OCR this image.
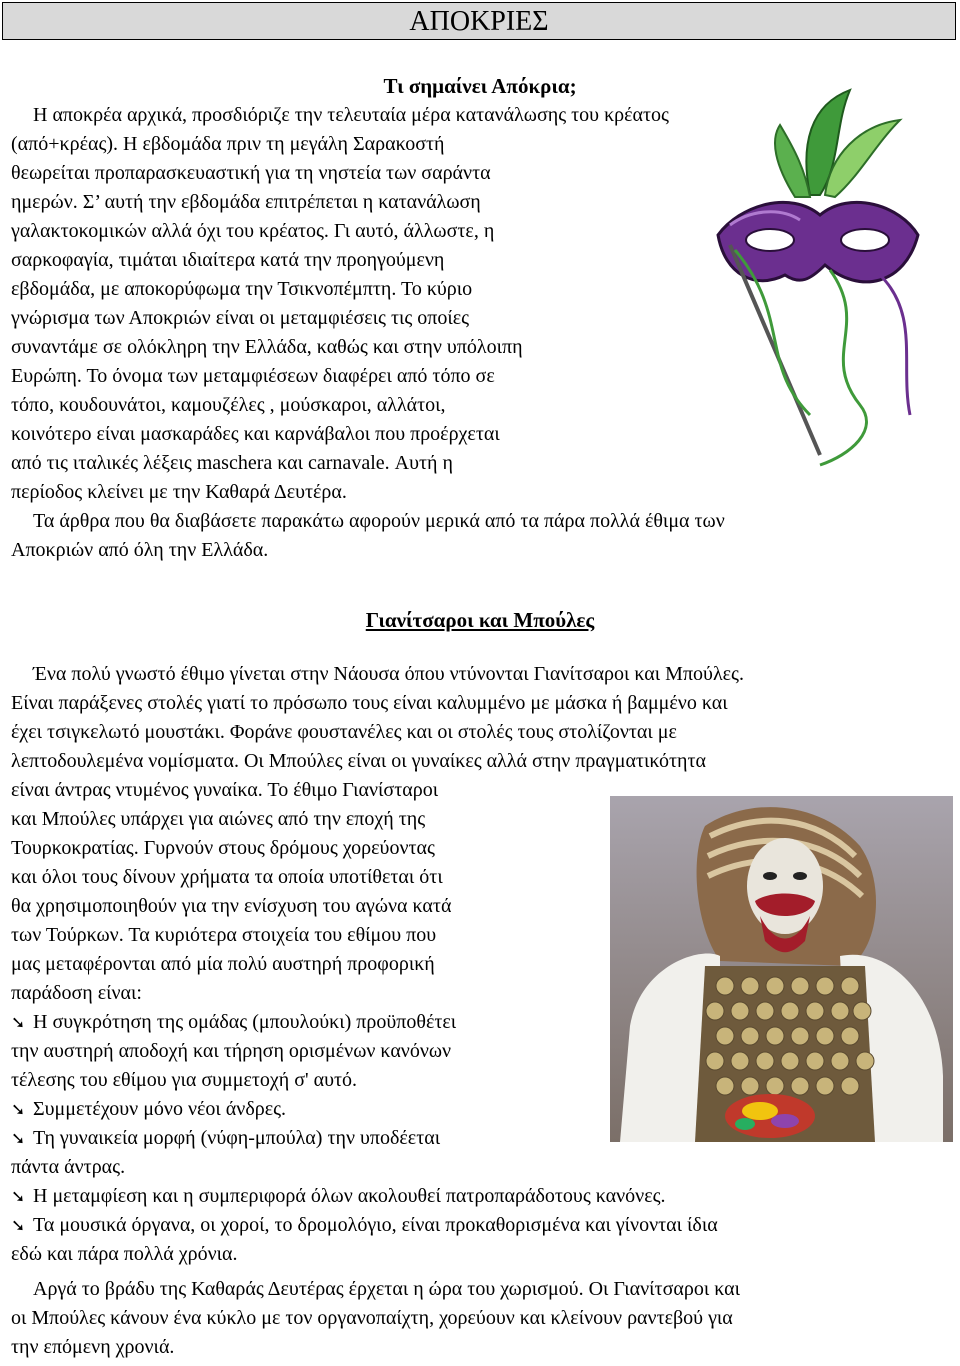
ΑΠΟΚΡΙΕΣ
Τι σημαίνει Απόκρια;
Η αποκρέα αρχικά, προσδιόριζε την τελευταία μέρα κατανάλωσης του κρέατος
(από+κρέας). Η εβδομάδα πριν τη μεγάλη Σαρακοστή
θεωρείται προπαρασκευαστική για τη νηστεία των σαράντα
ημερών. Σ’ αυτή την εβδομάδα επιτρέπεται η κατανάλωση
γαλακτοκομικών αλλά όχι του κρέατος. Γι αυτό, άλλωστε, η
σαρκοφαγία, τιμάται ιδιαίτερα κατά την προηγούμενη
εβδομάδα, με αποκορύφωμα την Τσικνοπέμπτη. Το κύριο
γνώρισμα των Αποκριών είναι οι μεταμφιέσεις τις οποίες
συναντάμε σε ολόκληρη την Ελλάδα, καθώς και στην υπόλοιπη
Ευρώπη. Το όνομα των μεταμφιέσεων διαφέρει από τόπο σε
τόπο, κουδουνάτοι, καμουζέλες , μούσκαροι, αλλάτοι,
κοινότερο είναι μασκαράδες και καρνάβαλοι που προέρχεται
από τις ιταλικές λέξεις maschera και carnavale. Αυτή η
περίοδος κλείνει με την Καθαρά Δευτέρα.
Τα άρθρα που θα διαβάσετε παρακάτω αφορούν μερικά από τα πάρα πολλά έθιμα των
Αποκριών από όλη την Ελλάδα.
Γιανίτσαροι και Μπούλες
Ένα πολύ γνωστό έθιμο γίνεται στην Νάουσα όπου ντύνονται Γιανίτσαροι και Μπούλες.
Είναι παράξενες στολές γιατί το πρόσωπο τους είναι καλυμμένο με μάσκα ή βαμμένο και
έχει τσιγκελωτό μουστάκι. Φοράνε φουστανέλες και οι στολές τους στολίζονται με
λεπτοδουλεμένα νομίσματα. Οι Μπούλες είναι οι γυναίκες αλλά στην πραγματικότητα
είναι άντρας ντυμένος γυναίκα. Το έθιμο Γιανίσταροι
και Μπούλες υπάρχει για αιώνες από την εποχή της
Τουρκοκρατίας. Γυρνούν στους δρόμους χορεύοντας
και όλοι τους δίνουν χρήματα τα οποία υποτίθεται ότι
θα χρησιμοποιηθούν για την ενίσχυση του αγώνα κατά
των Τούρκων. Τα κυριότερα στοιχεία του εθίμου που
μας μεταφέρονται από μία πολύ αυστηρή προφορική
παράδοση είναι:
➘ Η συγκρότηση της ομάδας (μπουλούκι) προϋποθέτει
την αυστηρή αποδοχή και τήρηση ορισμένων κανόνων
τέλεσης του εθίμου για συμμετοχή σ' αυτό.
➘ Συμμετέχουν μόνο νέοι άνδρες.
➘ Τη γυναικεία μορφή (νύφη-μπούλα) την υποδέεται
πάντα άντρας.
➘ Η μεταμφίεση και η συμπεριφορά όλων ακολουθεί πατροπαράδοτους κανόνες.
➘ Τα μουσικά όργανα, οι χοροί, το δρομολόγιο, είναι προκαθορισμένα και γίνονται ίδια
εδώ και πάρα πολλά χρόνια.
Αργά το βράδυ της Καθαράς Δευτέρας έρχεται η ώρα του χωρισμού. Οι Γιανίτσαροι και
οι Μπούλες κάνουν ένα κύκλο με τον οργανοπαίχτη, χορεύουν και κλείνουν ραντεβού για
την επόμενη χρονιά.
